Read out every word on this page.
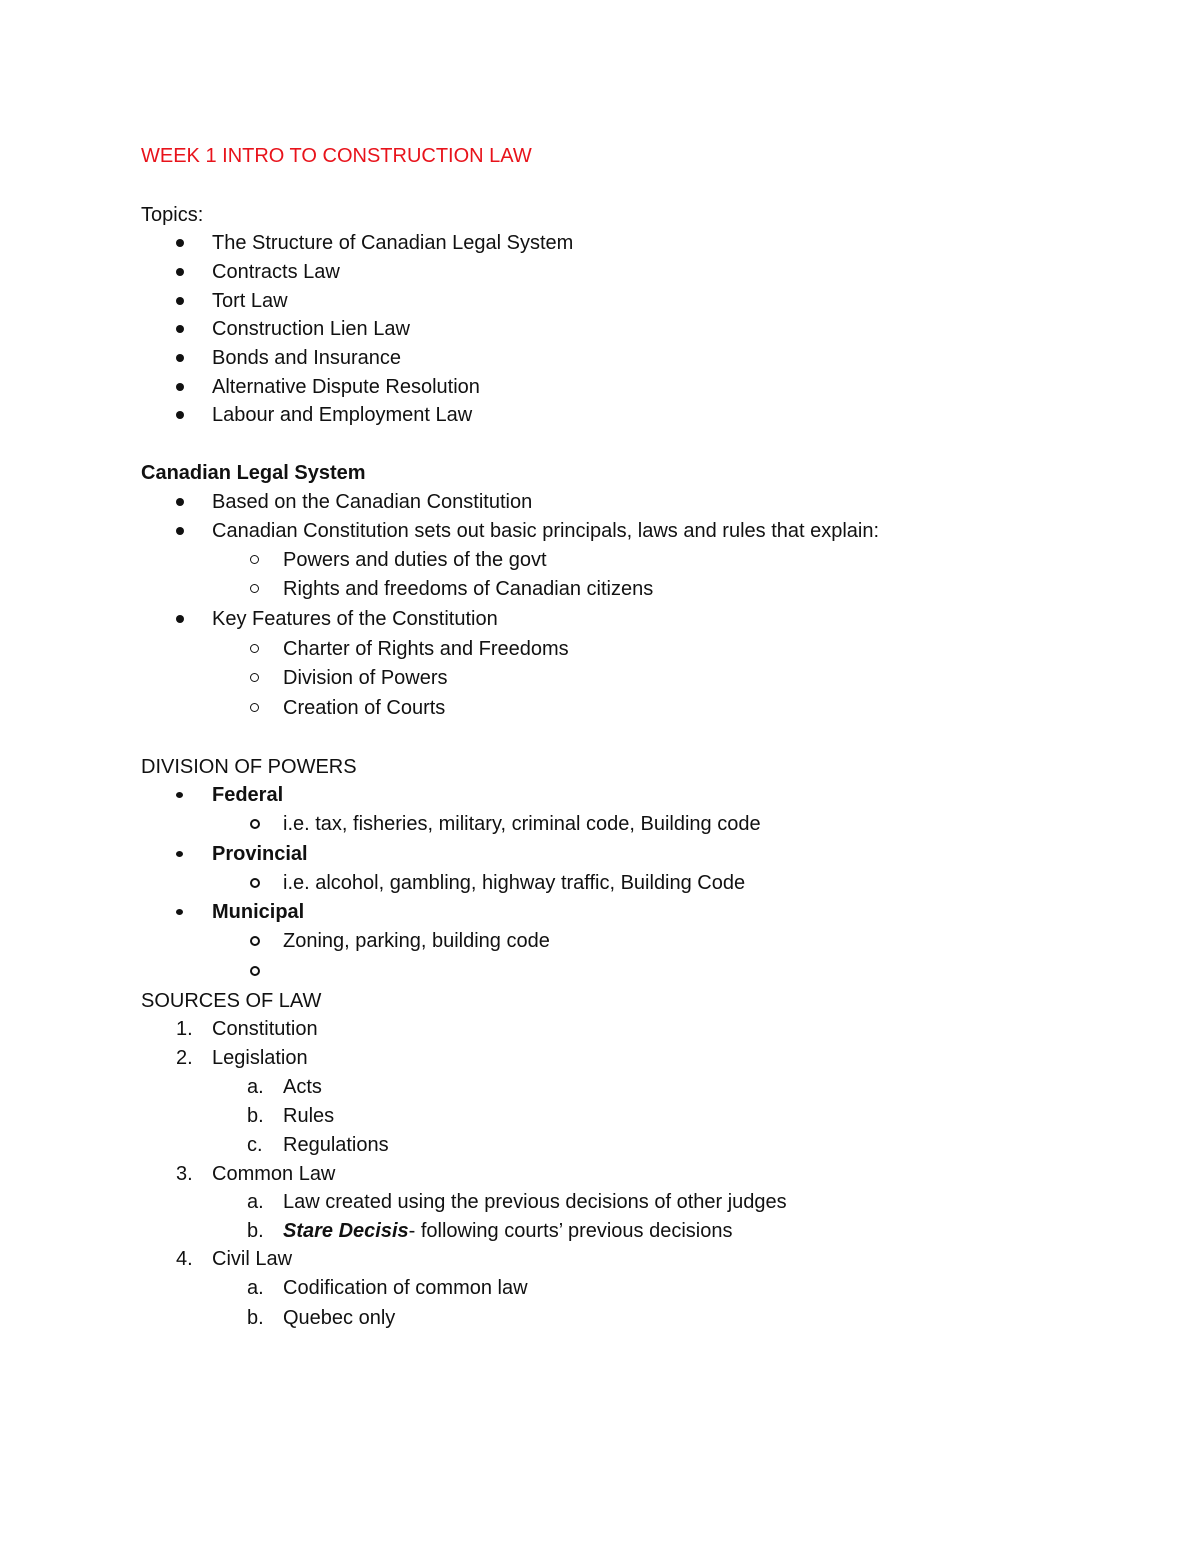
WEEK 1 INTRO TO CONSTRUCTION LAW
Topics:
The Structure of Canadian Legal System
Contracts Law
Tort Law
Construction Lien Law
Bonds and Insurance
Alternative Dispute Resolution
Labour and Employment Law
Canadian Legal System
Based on the Canadian Constitution
Canadian Constitution sets out basic principals, laws and rules that explain:
Powers and duties of the govt
Rights and freedoms of Canadian citizens
Key Features of the Constitution
Charter of Rights and Freedoms
Division of Powers
Creation of Courts
DIVISION OF POWERS
Federal
i.e. tax, fisheries, military, criminal code, Building code
Provincial
i.e. alcohol, gambling, highway traffic, Building Code
Municipal
Zoning, parking, building code
SOURCES OF LAW
1. Constitution
2. Legislation
a. Acts
b. Rules
c. Regulations
3. Common Law
a. Law created using the previous decisions of other judges
b. Stare Decisis- following courts’ previous decisions
4. Civil Law
a. Codification of common law
b. Quebec only
